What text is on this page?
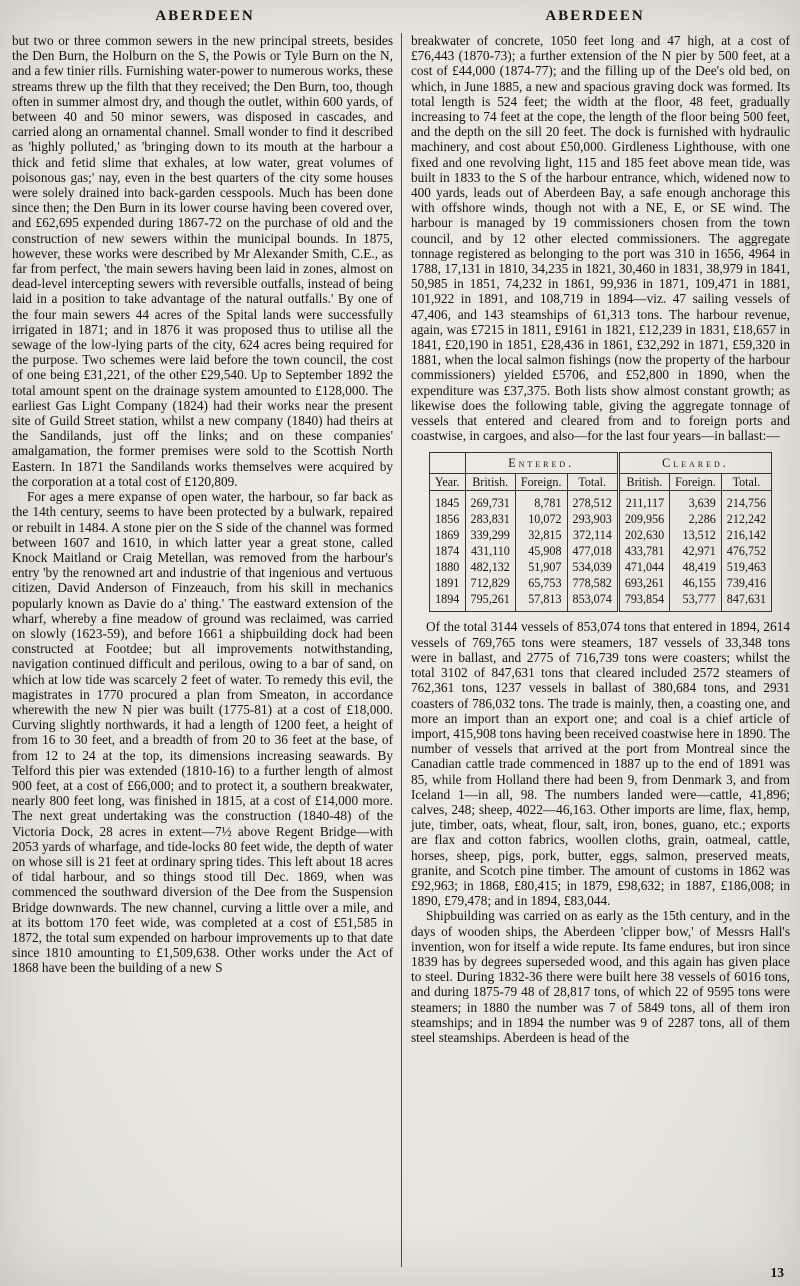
ABERDEEN	ABERDEEN

but two or three common sewers in the new principal streets, besides the Den Burn, the Holburn on the S, the Powis or Tyle Burn on the N, and a few tinier rills. Furnishing water-power to numerous works, these streams threw up the filth that they received; the Den Burn, too, though often in summer almost dry, and though the outlet, within 600 yards, of between 40 and 50 minor sewers, was disposed in cascades, and carried along an ornamental channel. Small wonder to find it described as 'highly polluted,' as 'bringing down to its mouth at the harbour a thick and fetid slime that exhales, at low water, great volumes of poisonous gas;' nay, even in the best quarters of the city some houses were solely drained into back-garden cesspools. Much has been done since then; the Den Burn in its lower course having been covered over, and £62,695 expended during 1867-72 on the purchase of old and the construction of new sewers within the municipal bounds. In 1875, however, these works were described by Mr Alexander Smith, C.E., as far from perfect, 'the main sewers having been laid in zones, almost on dead-level intercepting sewers with reversible outfalls, instead of being laid in a position to take advantage of the natural outfalls.' By one of the four main sewers 44 acres of the Spital lands were successfully irrigated in 1871; and in 1876 it was proposed thus to utilise all the sewage of the low-lying parts of the city, 624 acres being required for the purpose. Two schemes were laid before the town council, the cost of one being £31,221, of the other £29,540. Up to September 1892 the total amount spent on the drainage system amounted to £128,000. The earliest Gas Light Company (1824) had their works near the present site of Guild Street station, whilst a new company (1840) had theirs at the Sandilands, just off the links; and on these companies' amalgamation, the former premises were sold to the Scottish North Eastern. In 1871 the Sandilands works themselves were acquired by the corporation at a total cost of £120,809.

For ages a mere expanse of open water, the harbour, so far back as the 14th century, seems to have been protected by a bulwark, repaired or rebuilt in 1484. A stone pier on the S side of the channel was formed between 1607 and 1610, in which latter year a great stone, called Knock Maitland or Craig Metellan, was removed from the harbour's entry 'by the renowned art and industrie of that ingenious and vertuous citizen, David Anderson of Finzeauch, from his skill in mechanics popularly known as Davie do a' thing.' The eastward extension of the wharf, whereby a fine meadow of ground was reclaimed, was carried on slowly (1623-59), and before 1661 a shipbuilding dock had been constructed at Footdee; but all improvements notwithstanding, navigation continued difficult and perilous, owing to a bar of sand, on which at low tide was scarcely 2 feet of water. To remedy this evil, the magistrates in 1770 procured a plan from Smeaton, in accordance wherewith the new N pier was built (1775-81) at a cost of £18,000. Curving slightly northwards, it had a length of 1200 feet, a height of from 16 to 30 feet, and a breadth of from 20 to 36 feet at the base, of from 12 to 24 at the top, its dimensions increasing seawards. By Telford this pier was extended (1810-16) to a further length of almost 900 feet, at a cost of £66,000; and to protect it, a southern breakwater, nearly 800 feet long, was finished in 1815, at a cost of £14,000 more. The next great undertaking was the construction (1840-48) of the Victoria Dock, 28 acres in extent—7½ above Regent Bridge—with 2053 yards of wharfage, and tide-locks 80 feet wide, the depth of water on whose sill is 21 feet at ordinary spring tides. This left about 18 acres of tidal harbour, and so things stood till Dec. 1869, when was commenced the southward diversion of the Dee from the Suspension Bridge downwards. The new channel, curving a little over a mile, and at its bottom 170 feet wide, was completed at a cost of £51,585 in 1872, the total sum expended on harbour improvements up to that date since 1810 amounting to £1,509,638. Other works under the Act of 1868 have been the building of a new S

breakwater of concrete, 1050 feet long and 47 high, at a cost of £76,443 (1870-73); a further extension of the N pier by 500 feet, at a cost of £44,000 (1874-77); and the filling up of the Dee's old bed, on which, in June 1885, a new and spacious graving dock was formed. Its total length is 524 feet; the width at the floor, 48 feet, gradually increasing to 74 feet at the cope, the length of the floor being 500 feet, and the depth on the sill 20 feet. The dock is furnished with hydraulic machinery, and cost about £50,000. Girdleness Lighthouse, with one fixed and one revolving light, 115 and 185 feet above mean tide, was built in 1833 to the S of the harbour entrance, which, widened now to 400 yards, leads out of Aberdeen Bay, a safe enough anchorage this with offshore winds, though not with a NE, E, or SE wind. The harbour is managed by 19 commissioners chosen from the town council, and by 12 other elected commissioners. The aggregate tonnage registered as belonging to the port was 310 in 1656, 4964 in 1788, 17,131 in 1810, 34,235 in 1821, 30,460 in 1831, 38,979 in 1841, 50,985 in 1851, 74,232 in 1861, 99,936 in 1871, 109,471 in 1881, 101,922 in 1891, and 108,719 in 1894—viz. 47 sailing vessels of 47,406, and 143 steamships of 61,313 tons. The harbour revenue, again, was £7215 in 1811, £9161 in 1821, £12,239 in 1831, £18,657 in 1841, £20,190 in 1851, £28,436 in 1861, £32,292 in 1871, £59,320 in 1881, when the local salmon fishings (now the property of the harbour commissioners) yielded £5706, and £52,800 in 1890, when the expenditure was £37,375. Both lists show almost constant growth; as likewise does the following table, giving the aggregate tonnage of vessels that entered and cleared from and to foreign ports and coastwise, in cargoes, and also—for the last four years—in ballast:—

	Entered.			Cleared.		
Year.	British.	Foreign.	Total.	British.	Foreign.	Total.
1845	269,731	8,781	278,512	211,117	3,639	214,756
1856	283,831	10,072	293,903	209,956	2,286	212,242
1869	339,299	32,815	372,114	202,630	13,512	216,142
1874	431,110	45,908	477,018	433,781	42,971	476,752
1880	482,132	51,907	534,039	471,044	48,419	519,463
1891	712,829	65,753	778,582	693,261	46,155	739,416
1894	795,261	57,813	853,074	793,854	53,777	847,631

Of the total 3144 vessels of 853,074 tons that entered in 1894, 2614 vessels of 769,765 tons were steamers, 187 vessels of 33,348 tons were in ballast, and 2775 of 716,739 tons were coasters; whilst the total 3102 of 847,631 tons that cleared included 2572 steamers of 762,361 tons, 1237 vessels in ballast of 380,684 tons, and 2931 coasters of 786,032 tons. The trade is mainly, then, a coasting one, and more an import than an export one; and coal is a chief article of import, 415,908 tons having been received coastwise here in 1890. The number of vessels that arrived at the port from Montreal since the Canadian cattle trade commenced in 1887 up to the end of 1891 was 85, while from Holland there had been 9, from Denmark 3, and from Iceland 1—in all, 98. The numbers landed were—cattle, 41,896; calves, 248; sheep, 4022—46,163. Other imports are lime, flax, hemp, jute, timber, oats, wheat, flour, salt, iron, bones, guano, etc.; exports are flax and cotton fabrics, woollen cloths, grain, oatmeal, cattle, horses, sheep, pigs, pork, butter, eggs, salmon, preserved meats, granite, and Scotch pine timber. The amount of customs in 1862 was £92,963; in 1868, £80,415; in 1879, £98,632; in 1887, £186,008; in 1890, £79,478; and in 1894, £83,044.

Shipbuilding was carried on as early as the 15th century, and in the days of wooden ships, the Aberdeen 'clipper bow,' of Messrs Hall's invention, won for itself a wide repute. Its fame endures, but iron since 1839 has by degrees superseded wood, and this again has given place to steel. During 1832-36 there were built here 38 vessels of 6016 tons, and during 1875-79 48 of 28,817 tons, of which 22 of 9595 tons were steamers; in 1880 the number was 7 of 5849 tons, all of them iron steamships; and in 1894 the number was 9 of 2287 tons, all of them steel steamships. Aberdeen is head of the

13
